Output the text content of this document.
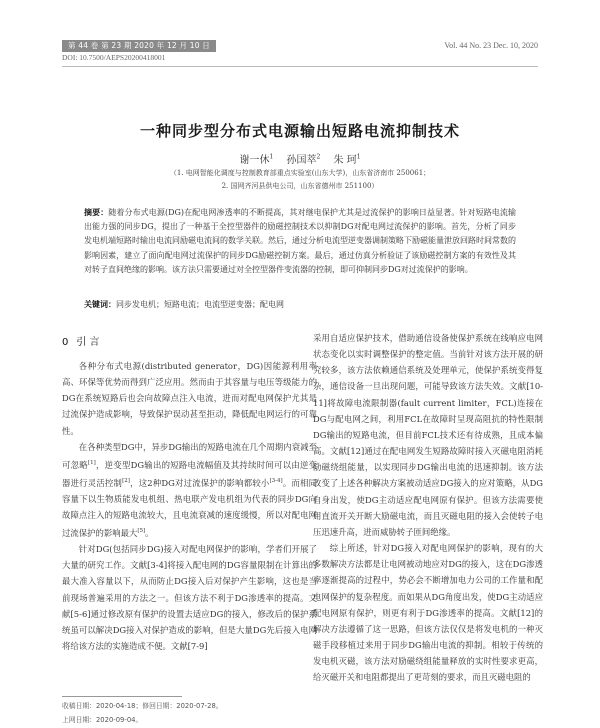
第 44 卷 第 23 期 2020 年 12 月 10 日	Vol. 44 No. 23 Dec. 10, 2020
DOI: 10.7500/AEPS20200418001
一种同步型分布式电源输出短路电流抑制技术
谢一休$^1$ 孙国萃$^2$ 朱 珂$^1$
（1. 电网智能化调度与控制教育部重点实验室(山东大学)，山东省济南市 250061；
2. 国网齐河县供电公司，山东省德州市 251100）
摘要：随着分布式电源(DG)在配电网渗透率的不断提高，其对继电保护尤其是过流保护的影响日益显著。针对短路电流输出能力强的同步DG，提出了一种基于全控型器件的励磁控制技术以抑制DG对配电网过流保护的影响。首先，分析了同步发电机端短路时输出电流同励磁电流间的数学关联。然后，通过分析电流型逆变器调制策略下励磁能量泄放回路时间常数的影响因素，建立了面向配电网过流保护的同步DG励磁控制方案。最后，通过仿真分析验证了该励磁控制方案的有效性及其对转子直间绝缘的影响。该方法只需要通过对全控型器件变流器的控制，即可抑制同步DG对过流保护的影响。
关键词：同步发电机；短路电流；电流型逆变器；配电网
0 引 言

各种分布式电源(distributed generator，DG)因能源利用率高、环保等优势而得到广泛应用。然而由于其容量与电压等级能力的DG在系统短路后也会向故障点注入电流，进而对配电网保护尤其是过流保护造成影响，导致保护误动甚至拒动，降低配电网运行的可靠性。

在各种类型DG中，异步DG输出的短路电流在几个周期内衰减至可忽略[1]，逆变型DG输出的短路电流幅值及其持续时间可以由逆变器进行灵活控制[2]，这2种DG对过流保护的影响都较小[3-4]。而相同容量下以生物质能发电机组、热电联产发电机组为代表的同步DG向故障点注入的短路电流较大，且电流衰减的速度缓慢，所以对配电网过流保护的影响最大[5]。

针对DG(包括同步DG)接入对配电网保护的影响，学者们开展了大量的研究工作。文献[3-4]将接入配电网的DG容量限制在计算出的最大准入容量以下，从而防止DG接入后对保护产生影响，这也是当前现场普遍采用的方法之一。但该方法不利于DG渗透率的提高。文献[5-6]通过修改原有保护的设置去适应DG的接入，修改后的保护系统虽可以解决DG接入对保护造成的影响，但是大量DG先后接入电网将给该方法的实施造成不便。文献[7-9]

采用自适应保护技术，借助通信设备使保护系统在线响应电网状态变化以实时调整保护的整定值。当前针对该方法开展的研究较多，该方法依赖通信系统及处理单元，使保护系统变得复杂，通信设备一旦出现问题，可能导致该方法失效。文献[10-11]将故障电流限制器(fault current limiter，FCL)连接在DG与配电网之间，利用FCL在故障时呈现高阻抗的特性限制DG输出的短路电流，但目前FCL技术还有待成熟，且成本偏高。文献[12]通过在配电网发生短路故障时接入灭磁电阻消耗励磁绕组能量，以实现同步DG输出电流的迅速抑制。该方法改变了上述各种解决方案被动适应DG接入的应对策略，从DG自身出发，使DG主动适应配电网原有保护。但该方法需要使用直流开关开断大励磁电流，而且灭磁电阻的接入会使转子电压迅速升高，进而威胁转子匝间绝缘。

综上所述，针对DG接入对配电网保护的影响，现有的大多数解决方法都是让电网被动地应对DG的接入，这在DG渗透率逐渐提高的过程中，势必会不断增加电力公司的工作量和配电网保护的复杂程度。而如果从DG角度出发，使DG主动适应配电网原有保护，则更有利于DG渗透率的提高。文献[12]的解决方法遵循了这一思路，但该方法仅仅是将发电机的一种灭磁手段移植过来用于同步DG输出电流的抑制。相较于传统的发电机灭磁，该方法对励磁绕组能量释放的实时性要求更高，给灭磁开关和电阻都提出了更苛刻的要求，而且灭磁电阻的

收稿日期：2020-04-18；修回日期：2020-07-28。
上网日期：2020-09-04。
